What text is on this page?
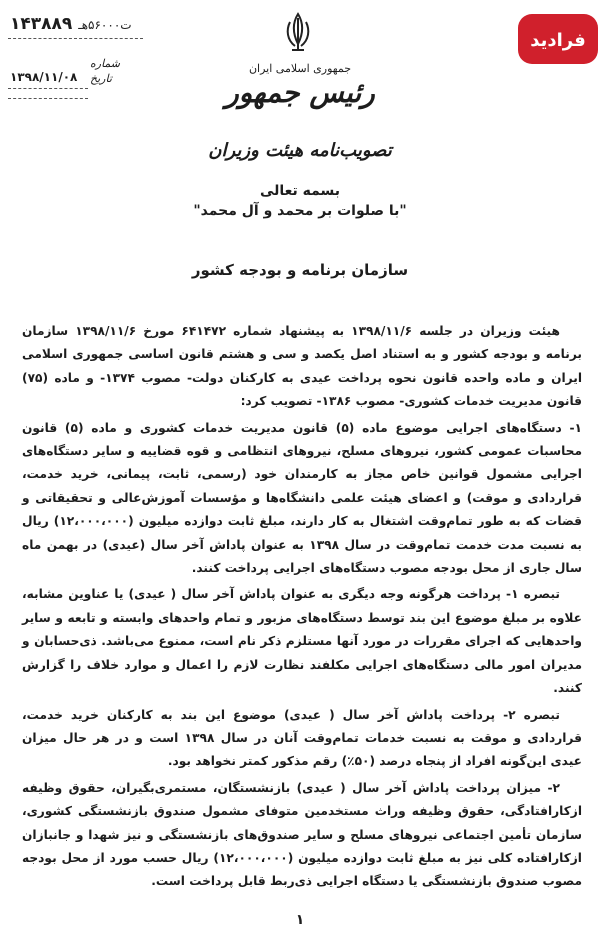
۱۴۳۸۸۹ ت۵۶۰۰۰هـ
شماره
تاریخ
۱۳۹۸/۱۱/۰۸
فرادید
جمهوری اسلامی ایران
رئیس جمهور
تصویب‌نامه هیئت وزیران
بسمه تعالی
"با صلوات بر محمد و آل محمد"
سازمان برنامه و بودجه کشور

هیئت وزیران در جلسه ۱۳۹۸/۱۱/۶ به پیشنهاد شماره ۶۴۱۴۷۲ مورخ ۱۳۹۸/۱۱/۶ سازمان برنامه و بودجه کشور و به استناد اصل یکصد و سی و هشتم قانون اساسی جمهوری اسلامی ایران و ماده واحده قانون نحوه پرداخت عیدی به کارکنان دولت- مصوب ۱۳۷۴- و ماده (۷۵) قانون مدیریت خدمات کشوری- مصوب ۱۳۸۶- تصویب کرد:

۱- دستگاه‌های اجرایی موضوع ماده (۵) قانون مدیریت خدمات کشوری و ماده (۵) قانون محاسبات عمومی کشور، نیروهای مسلح، نیروهای انتظامی و قوه قضاییه و سایر دستگاه‌های اجرایی مشمول قوانین خاص مجاز به کارمندان خود (رسمی، ثابت، پیمانی، خرید خدمت، قراردادی و موقت) و اعضای هیئت علمی دانشگاه‌ها و مؤسسات آموزش‌عالی و تحقیقاتی و قضات که به طور تمام‌وقت اشتغال به کار دارند، مبلغ ثابت دوازده میلیون (۱۲،۰۰۰،۰۰۰) ریال به نسبت مدت خدمت تمام‌وقت در سال ۱۳۹۸ به عنوان پاداش آخر سال (عیدی) در بهمن ماه سال جاری از محل بودجه مصوب دستگاه‌های اجرایی پرداخت کنند.

تبصره ۱- پرداخت هرگونه وجه دیگری به عنوان پاداش آخر سال ( عیدی) یا عناوین مشابه، علاوه بر مبلغ موضوع این بند توسط دستگاه‌های مزبور و تمام واحدهای وابسته و تابعه و سایر واحدهایی که اجرای مقررات در مورد آنها مستلزم ذکر نام است، ممنوع می‌باشد. ذی‌حسابان و مدیران امور مالی دستگاه‌های اجرایی مکلفند نظارت لازم را اعمال و موارد خلاف را گزارش کنند.

تبصره ۲- پرداخت پاداش آخر سال ( عیدی) موضوع این بند به کارکنان خرید خدمت، قراردادی و موقت به نسبت خدمات تمام‌وقت آنان در سال ۱۳۹۸ است و در هر حال میزان عیدی این‌گونه افراد از پنجاه درصد (۵۰٪) رقم مذکور کمتر نخواهد بود.

۲- میزان پرداخت پاداش آخر سال ( عیدی) بازنشستگان، مستمری‌بگیران، حقوق وظیفه ازکارافتادگی، حقوق وظیفه وراث مستخدمین متوفای مشمول صندوق بازنشستگی کشوری، سازمان تأمین اجتماعی نیروهای مسلح و سایر صندوق‌های بازنشستگی و نیز شهدا و جانبازان ازکارافتاده کلی نیز به مبلغ ثابت دوازده میلیون (۱۲،۰۰۰،۰۰۰) ریال حسب مورد از محل بودجه مصوب صندوق بازنشستگی یا دستگاه اجرایی ذی‌ربط قابل پرداخت است.

۱
